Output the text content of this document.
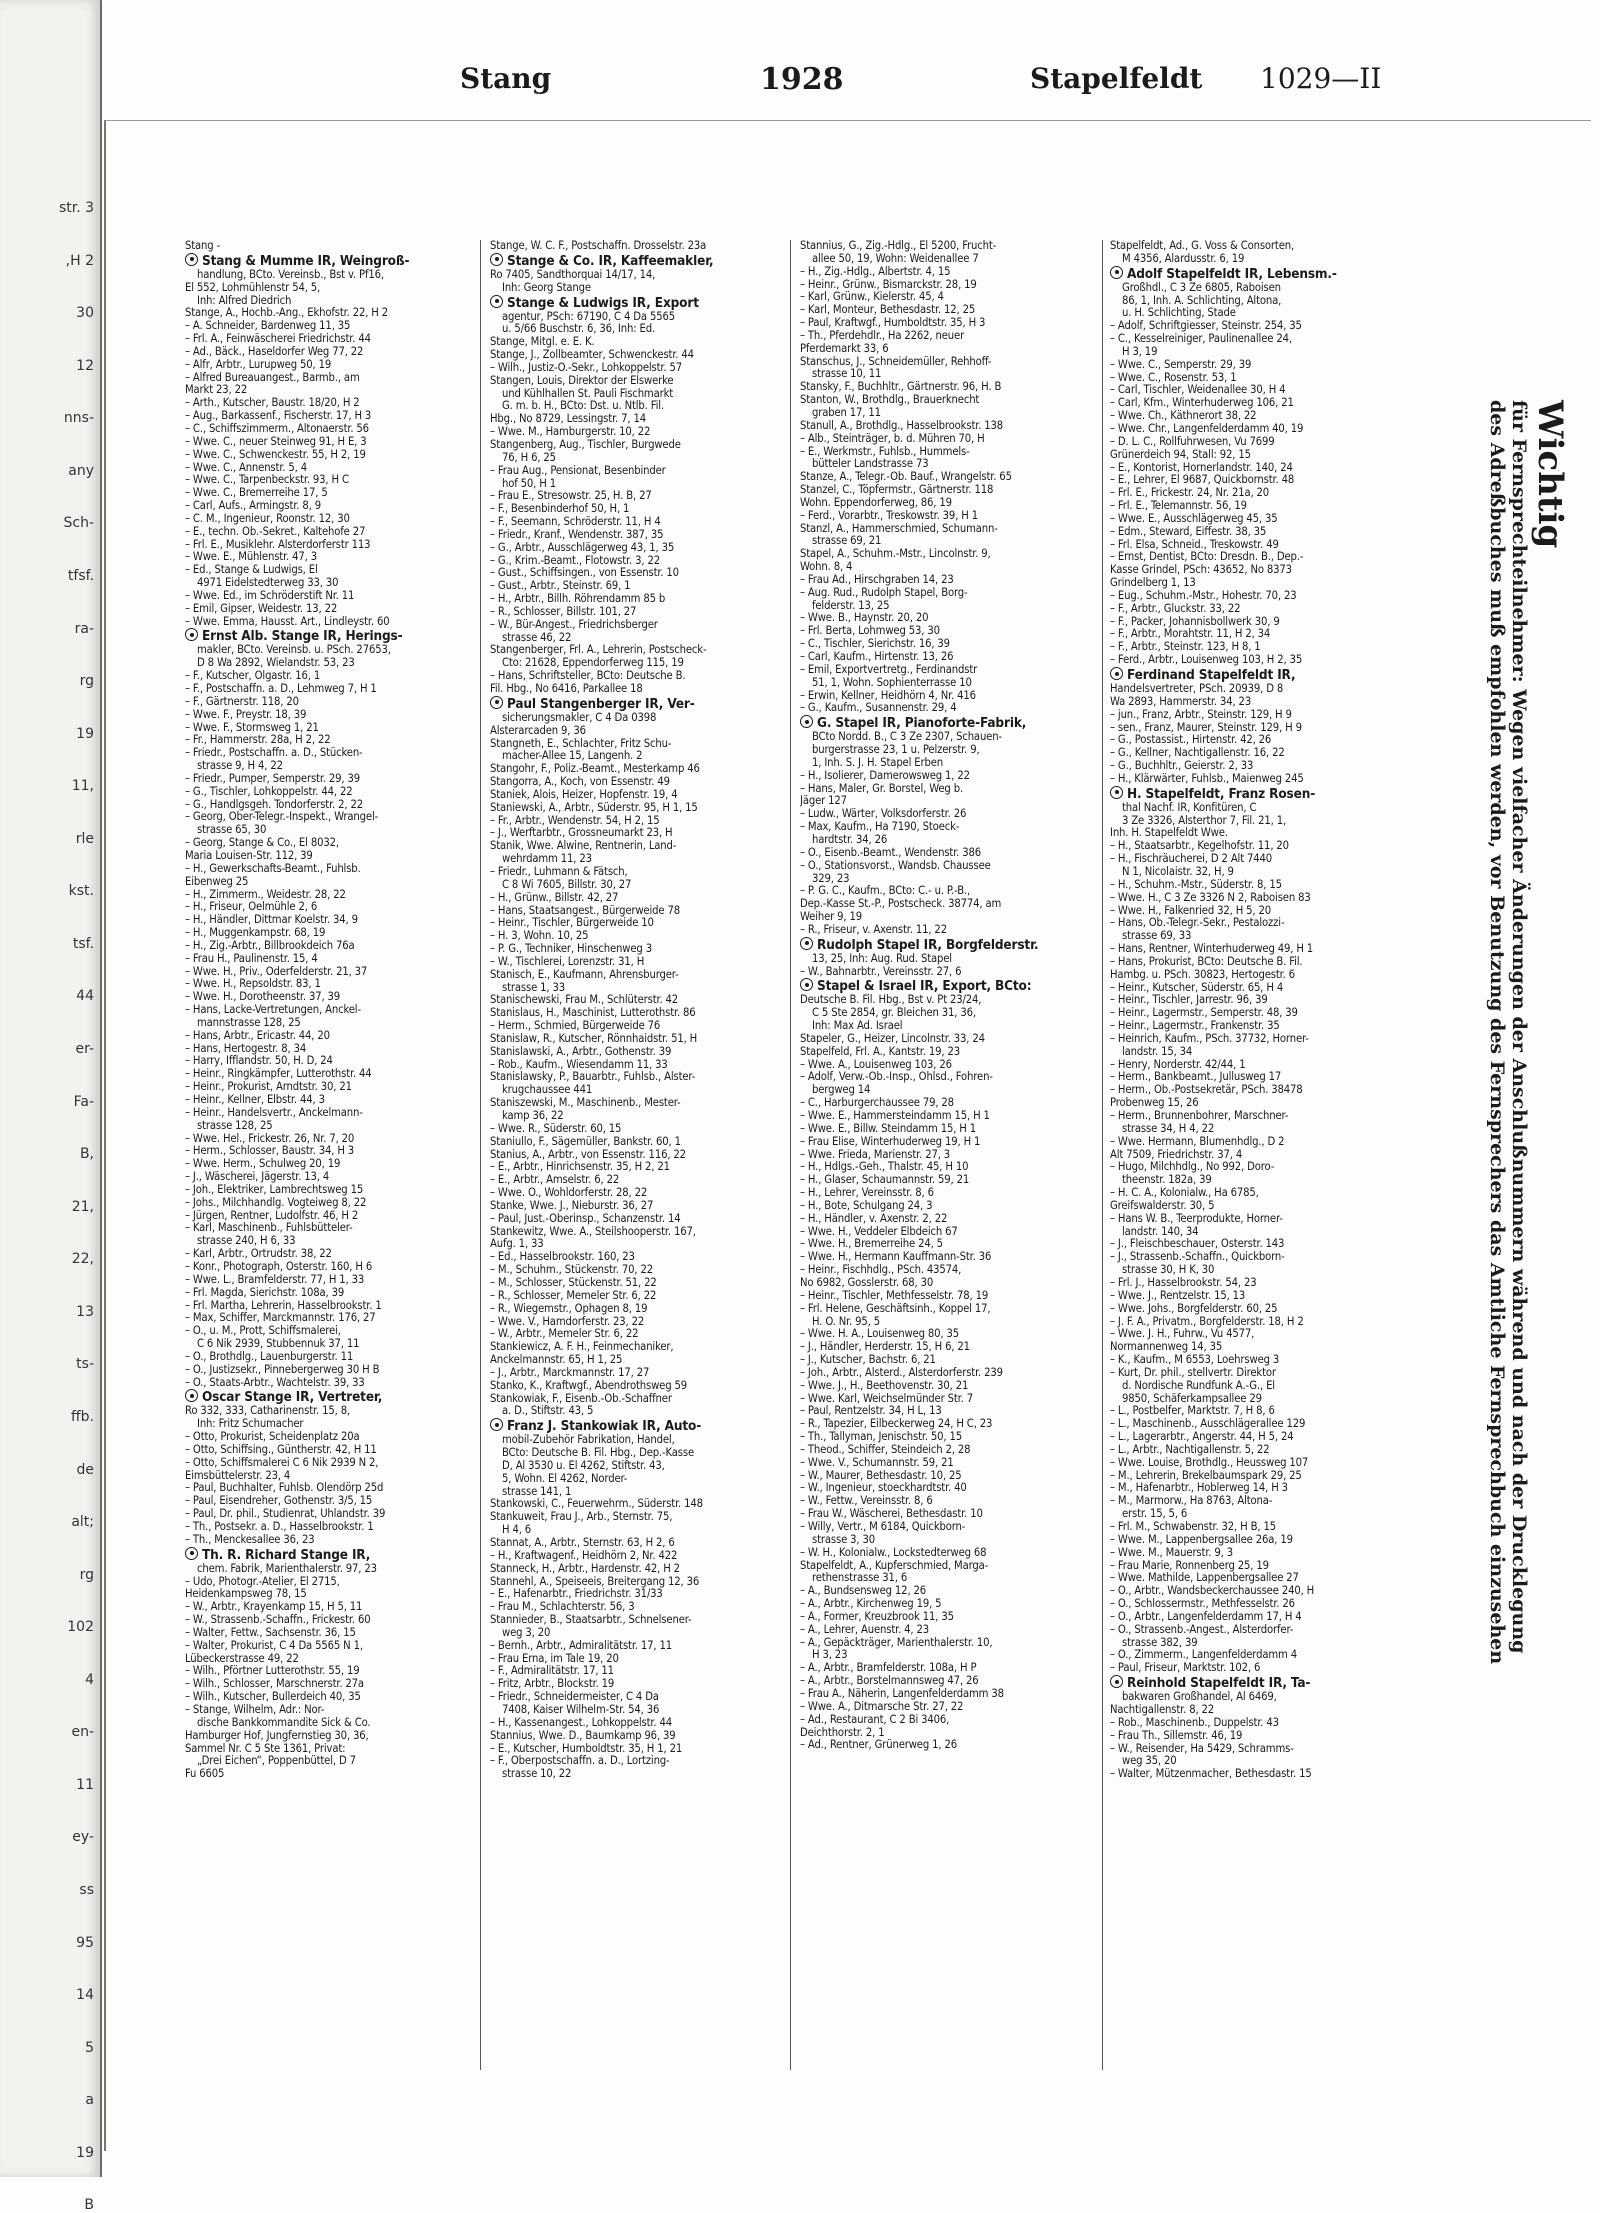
str. 3
,H 2
30
12
nns-
any
Sch-
tfsf.
ra-
rg
19
11,
rle
kst.
tsf.
44
er-
Fa-
B,
21,
22,
13
ts-
ffb.
de
alt;
rg
102
4
en-
11
ey-
ss
95
14
5
a
19
B
Stang	1928	Stapelfeldt 1029—II

Stang -

Stang & Mumme IR, Weingroß-

handlung, BCto. Vereinsb., Bst v. Pf16,

El 552, Lohmühlenstr 54, 5,

Inh: Alfred Diedrich

Stange, A., Hochb.-Ang., Ekhofstr. 22, H 2

– A. Schneider, Bardenweg 11, 35

– Frl. A., Feinwäscherei Friedrichstr. 44

– Ad., Bäck., Haseldorfer Weg 77, 22

– Alfr, Arbtr., Lurupweg 50, 19

– Alfred Bureauangest., Barmb., am

Markt 23, 22

– Arth., Kutscher, Baustr. 18/20, H 2

– Aug., Barkassenf., Fischerstr. 17, H 3

– C., Schiffszimmerm., Altonaerstr. 56

– Wwe. C., neuer Steinweg 91, H E, 3

– Wwe. C., Schwenckestr. 55, H 2, 19

– Wwe. C., Annenstr. 5, 4

– Wwe. C., Tarpenbeckstr. 93, H C

– Wwe. C., Bremerreihe 17, 5

– Carl, Aufs., Armingstr. 8, 9

– C. M., Ingenieur, Roonstr. 12, 30

– E., techn. Ob.-Sekret., Kaltehofe 27

– Frl. E., Musiklehr. Alsterdorferstr 113

– Wwe. E., Mühlenstr. 47, 3

– Ed., Stange & Ludwigs, El

4971 Eidelstedterweg 33, 30

– Wwe. Ed., im Schröderstift Nr. 11

– Emil, Gipser, Weidestr. 13, 22

– Wwe. Emma, Hausst. Art., Lindleystr. 60

Ernst Alb. Stange IR, Herings-

makler, BCto. Vereinsb. u. PSch. 27653,

D 8 Wa 2892, Wielandstr. 53, 23

– F., Kutscher, Olgastr. 16, 1

– F., Postschaffn. a. D., Lehmweg 7, H 1

– F., Gärtnerstr. 118, 20

– Wwe. F., Preystr. 18, 39

– Wwe. F., Stormsweg 1, 21

– Fr., Hammerstr. 28a, H 2, 22

– Friedr., Postschaffn. a. D., Stücken-

strasse 9, H 4, 22

– Friedr., Pumper, Semperstr. 29, 39

– G., Tischler, Lohkoppelstr. 44, 22

– G., Handlgsgeh. Tondorferstr. 2, 22

– Georg, Ober-Telegr.-Inspekt., Wrangel-

strasse 65, 30

– Georg, Stange & Co., El 8032,

Maria Louisen-Str. 112, 39

– H., Gewerkschafts-Beamt., Fuhlsb.

Eibenweg 25

– H., Zimmerm., Weidestr. 28, 22

– H., Friseur, Oelmühle 2, 6

– H., Händler, Dittmar Koelstr. 34, 9

– H., Muggenkampstr. 68, 19

– H., Zig.-Arbtr., Billbrookdeich 76a

– Frau H., Paulinenstr. 15, 4

– Wwe. H., Priv., Oderfelderstr. 21, 37

– Wwe. H., Repsoldstr. 83, 1

– Wwe. H., Dorotheenstr. 37, 39

– Hans, Lacke-Vertretungen, Anckel-

mannstrasse 128, 25

– Hans, Arbtr., Ericastr. 44, 20

– Hans, Hertogestr. 8, 34

– Harry, Ifflandstr. 50, H. D, 24

– Heinr., Ringkämpfer, Lutterothstr. 44

– Heinr., Prokurist, Arndtstr. 30, 21

– Heinr., Kellner, Elbstr. 44, 3

– Heinr., Handelsvertr., Anckelmann-

strasse 128, 25

– Wwe. Hel., Frickestr. 26, Nr. 7, 20

– Herm., Schlosser, Baustr. 34, H 3

– Wwe. Herm., Schulweg 20, 19

– J., Wäscherei, Jägerstr. 13, 4

– Joh., Elektriker, Lambrechtsweg 15

– Johs., Milchhandlg. Vogteiweg 8, 22

– Jürgen, Rentner, Ludolfstr. 46, H 2

– Karl, Maschinenb., Fuhlsbütteler-

strasse 240, H 6, 33

– Karl, Arbtr., Ortrudstr. 38, 22

– Konr., Photograph, Osterstr. 160, H 6

– Wwe. L., Bramfelderstr. 77, H 1, 33

– Frl. Magda, Sierichstr. 108a, 39

– Frl. Martha, Lehrerin, Hasselbrookstr. 1

– Max, Schiffer, Marckmannstr. 176, 27

– O., u. M., Prott, Schiffsmalerei,

C 6 Nik 2939, Stubbennuk 37, 11

– O., Brothdlg., Lauenburgerstr. 11

– O., Justizsekr., Pinnebergerweg 30 H B

– O., Staats-Arbtr., Wachtelstr. 39, 33

Oscar Stange IR, Vertreter,

Ro 332, 333, Catharinenstr. 15, 8,

Inh: Fritz Schumacher

– Otto, Prokurist, Scheidenplatz 20a

– Otto, Schiffsing., Güntherstr. 42, H 11

– Otto, Schiffsmalerei C 6 Nik 2939 N 2,

Eimsbüttelerstr. 23, 4

– Paul, Buchhalter, Fuhlsb. Olendörp 25d

– Paul, Eisendreher, Gothenstr. 3/5, 15

– Paul, Dr. phil., Studienrat, Uhlandstr. 39

– Th., Postsekr. a. D., Hasselbrookstr. 1

– Th., Menckesallee 36, 23

Th. R. Richard Stange IR,

chem. Fabrik, Marienthalerstr. 97, 23

– Udo, Photogr.-Atelier, El 2715,

Heidenkampsweg 78, 15

– W., Arbtr., Krayenkamp 15, H 5, 11

– W., Strassenb.-Schaffn., Frickestr. 60

– Walter, Fettw., Sachsenstr. 36, 15

– Walter, Prokurist, C 4 Da 5565 N 1,

Lübeckerstrasse 49, 22

– Wilh., Pförtner Lutterothstr. 55, 19

– Wilh., Schlosser, Marschnerstr. 27a

– Wilh., Kutscher, Bullerdeich 40, 35

– Stange, Wilhelm, Adr.: Nor-

dische Bankkommandite Sick & Co.

Hamburger Hof, Jungfernstieg 30, 36,

Sammel Nr. C 5 Ste 1361, Privat:

„Drei Eichen“, Poppenbüttel, D 7

Fu 6605

Stange, W. C. F., Postschaffn. Drosselstr. 23a

Stange & Co. IR, Kaffeemakler,

Ro 7405, Sandthorquai 14/17, 14,

Inh: Georg Stange

Stange & Ludwigs IR, Export

agentur, PSch: 67190, C 4 Da 5565

u. 5/66 Buschstr. 6, 36, Inh: Ed.

Stange, Mitgl. e. E. K.

Stange, J., Zollbeamter, Schwenckestr. 44

– Wilh., Justiz-O.-Sekr., Lohkoppelstr. 57

Stangen, Louis, Direktor der Elswerke

und Kühlhallen St. Pauli Fischmarkt

G. m. b. H., BCto: Dst. u. Ntlb. Fil.

Hbg., No 8729, Lessingstr. 7, 14

– Wwe. M., Hamburgerstr. 10, 22

Stangenberg, Aug., Tischler, Burgwede

76, H 6, 25

– Frau Aug., Pensionat, Besenbinder

hof 50, H 1

– Frau E., Stresowstr. 25, H. B, 27

– F., Besenbinderhof 50, H, 1

– F., Seemann, Schröderstr. 11, H 4

– Friedr., Kranf., Wendenstr. 387, 35

– G., Arbtr., Ausschlägerweg 43, 1, 35

– G., Krim.-Beamt., Flotowstr. 3, 22

– Gust., Schiffsingen., von Essenstr. 10

– Gust., Arbtr., Steinstr. 69, 1

– H., Arbtr., Billh. Röhrendamm 85 b

– R., Schlosser, Billstr. 101, 27

– W., Bür-Angest., Friedrichsberger

strasse 46, 22

Stangenberger, Frl. A., Lehrerin, Postscheck-

Cto: 21628, Eppendorferweg 115, 19

– Hans, Schriftsteller, BCto: Deutsche B.

Fil. Hbg., No 6416, Parkallee 18

Paul Stangenberger IR, Ver-

sicherungsmakler, C 4 Da 0398

Alsterarcaden 9, 36

Stangneth, E., Schlachter, Fritz Schu-

macher-Allee 15, Langenh. 2

Stangohr, F., Poliz.-Beamt., Mesterkamp 46

Stangorra, A., Koch, von Essenstr. 49

Staniek, Alois, Heizer, Hopfenstr. 19, 4

Staniewski, A., Arbtr., Süderstr. 95, H 1, 15

– Fr., Arbtr., Wendenstr. 54, H 2, 15

– J., Werftarbtr., Grossneumarkt 23, H

Stanik, Wwe. Alwine, Rentnerin, Land-

wehrdamm 11, 23

– Friedr., Luhmann & Fätsch,

C 8 Wi 7605, Billstr. 30, 27

– H., Grünw., Billstr. 42, 27

– Hans, Staatsangest., Bürgerweide 78

– Heinr., Tischler, Bürgerweide 10

– H. 3, Wohn. 10, 25

– P. G., Techniker, Hinschenweg 3

– W., Tischlerei, Lorenzstr. 31, H

Stanisch, E., Kaufmann, Ahrensburger-

strasse 1, 33

Stanischewski, Frau M., Schlüterstr. 42

Stanislaus, H., Maschinist, Lutterothstr. 86

– Herm., Schmied, Bürgerweide 76

Stanislaw, R., Kutscher, Rönnhaidstr. 51, H

Stanislawski, A., Arbtr., Gothenstr. 39

– Rob., Kaufm., Wiesendamm 11, 33

Stanislawsky, P., Bauarbtr., Fuhlsb., Alster-

krugchaussee 441

Staniszewski, M., Maschinenb., Mester-

kamp 36, 22

– Wwe. R., Süderstr. 60, 15

Staniullo, F., Sägemüller, Bankstr. 60, 1

Stanius, A., Arbtr., von Essenstr. 116, 22

– E., Arbtr., Hinrichsenstr. 35, H 2, 21

– E., Arbtr., Amselstr. 6, 22

– Wwe. O., Wohldorferstr. 28, 22

Stanke, Wwe. J., Nieburstr. 36, 27

– Paul, Just.-Oberinsp., Schanzenstr. 14

Stankewitz, Wwe. A., Steilshooperstr. 167,

Aufg. 1, 33

– Ed., Hasselbrookstr. 160, 23

– M., Schuhm., Stückenstr. 70, 22

– M., Schlosser, Stückenstr. 51, 22

– R., Schlosser, Memeler Str. 6, 22

– R., Wiegemstr., Ophagen 8, 19

– Wwe. V., Hamdorferstr. 23, 22

– W., Arbtr., Memeler Str. 6, 22

Stankiewicz, A. F. H., Feinmechaniker,

Anckelmannstr. 65, H 1, 25

– J., Arbtr., Marckmannstr. 17, 27

Stanko, K., Kraftwgf., Abendrothsweg 59

Stankowiak, F., Eisenb.-Ob.-Schaffner

a. D., Stiftstr. 43, 5

Franz J. Stankowiak IR, Auto-

mobil-Zubehör Fabrikation, Handel,

BCto: Deutsche B. Fil. Hbg., Dep.-Kasse

D, Al 3530 u. El 4262, Stiftstr. 43,

5, Wohn. El 4262, Norder-

strasse 141, 1

Stankowski, C., Feuerwehrm., Süderstr. 148

Stankuweit, Frau J., Arb., Sternstr. 75,

H 4, 6

Stannat, A., Arbtr., Sternstr. 63, H 2, 6

– H., Kraftwagenf., Heidhörn 2, Nr. 422

Stanneck, H., Arbtr., Hardenstr. 42, H 2

Stannehl, A., Speiseeis, Breitergang 12, 36

– E., Hafenarbtr., Friedrichstr. 31/33

– Frau M., Schlachterstr. 56, 3

Stannieder, B., Staatsarbtr., Schnelsener-

weg 3, 20

– Bernh., Arbtr., Admiralitätstr. 17, 11

– Frau Erna, im Tale 19, 20

– F., Admiralitätstr. 17, 11

– Fritz, Arbtr., Blockstr. 19

– Friedr., Schneidermeister, C 4 Da

7408, Kaiser Wilhelm-Str. 54, 36

– H., Kassenangest., Lohkoppelstr. 44

Stannius, Wwe. D., Baumkamp 96, 39

– E., Kutscher, Humboldtstr. 35, H 1, 21

– F., Oberpostschaffn. a. D., Lortzing-

strasse 10, 22

Stannius, G., Zig.-Hdlg., El 5200, Frucht-

allee 50, 19, Wohn: Weidenallee 7

– H., Zig.-Hdlg., Albertstr. 4, 15

– Heinr., Grünw., Bismarckstr. 28, 19

– Karl, Grünw., Kielerstr. 45, 4

– Karl, Monteur, Bethesdastr. 12, 25

– Paul, Kraftwgf., Humboldtstr. 35, H 3

– Th., Pferdehdlr., Ha 2262, neuer

Pferdemarkt 33, 6

Stanschus, J., Schneidemüller, Rehhoff-

strasse 10, 11

Stansky, F., Buchhltr., Gärtnerstr. 96, H. B

Stanton, W., Brothdlg., Brauerknecht

graben 17, 11

Stanull, A., Brothdlg., Hasselbrookstr. 138

– Alb., Steinträger, b. d. Mühren 70, H

– E., Werkmstr., Fuhlsb., Hummels-

bütteler Landstrasse 73

Stanze, A., Telegr.-Ob. Bauf., Wrangelstr. 65

Stanzel, C., Töpfermstr., Gärtnerstr. 118

Wohn. Eppendorferweg, 86, 19

– Ferd., Vorarbtr., Treskowstr. 39, H 1

Stanzl, A., Hammerschmied, Schumann-

strasse 69, 21

Stapel, A., Schuhm.-Mstr., Lincolnstr. 9,

Wohn. 8, 4

– Frau Ad., Hirschgraben 14, 23

– Aug. Rud., Rudolph Stapel, Borg-

felderstr. 13, 25

– Wwe. B., Haynstr. 20, 20

– Frl. Berta, Lohmweg 53, 30

– C., Tischler, Sierichstr. 16, 39

– Carl, Kaufm., Hirtenstr. 13, 26

– Emil, Exportvertretg., Ferdinandstr

51, 1, Wohn. Sophienterrasse 10

– Erwin, Kellner, Heidhörn 4, Nr. 416

– G., Kaufm., Susannenstr. 29, 4

G. Stapel IR, Pianoforte-Fabrik,

BCto Nordd. B., C 3 Ze 2307, Schauen-

burgerstrasse 23, 1 u. Pelzerstr. 9,

1, Inh. S. J. H. Stapel Erben

– H., Isolierer, Damerowsweg 1, 22

– Hans, Maler, Gr. Borstel, Weg b.

Jäger 127

– Ludw., Wärter, Volksdorferstr. 26

– Max, Kaufm., Ha 7190, Stoeck-

hardtstr. 34, 26

– O., Eisenb.-Beamt., Wendenstr. 386

– O., Stationsvorst., Wandsb. Chaussee

329, 23

– P. G. C., Kaufm., BCto: C.- u. P.-B.,

Dep.-Kasse St.-P., Postscheck. 38774, am

Weiher 9, 19

– R., Friseur, v. Axenstr. 11, 22

Rudolph Stapel IR, Borgfelderstr.

13, 25, Inh: Aug. Rud. Stapel

– W., Bahnarbtr., Vereinsstr. 27, 6

Stapel & Israel IR, Export, BCto:

Deutsche B. Fil. Hbg., Bst v. Pt 23/24,

C 5 Ste 2854, gr. Bleichen 31, 36,

Inh: Max Ad. Israel

Stapeler, G., Heizer, Lincolnstr. 33, 24

Stapelfeld, Frl. A., Kantstr. 19, 23

– Wwe. A., Louisenweg 103, 26

– Adolf, Verw.-Ob.-Insp., Ohlsd., Fohren-

bergweg 14

– C., Harburgerchaussee 79, 28

– Wwe. E., Hammersteindamm 15, H 1

– Wwe. E., Billw. Steindamm 15, H 1

– Frau Elise, Winterhuderweg 19, H 1

– Wwe. Frieda, Marienstr. 27, 3

– H., Hdlgs.-Geh., Thalstr. 45, H 10

– H., Glaser, Schaumannstr. 59, 21

– H., Lehrer, Vereinsstr. 8, 6

– H., Bote, Schulgang 24, 3

– H., Händler, v. Axenstr. 2, 22

– Wwe. H., Veddeler Elbdeich 67

– Wwe. H., Bremerreihe 24, 5

– Wwe. H., Hermann Kauffmann-Str. 36

– Heinr., Fischhdlg., PSch. 43574,

No 6982, Gosslerstr. 68, 30

– Heinr., Tischler, Methfesselstr. 78, 19

– Frl. Helene, Geschäftsinh., Koppel 17,

H. O. Nr. 95, 5

– Wwe. H. A., Louisenweg 80, 35

– J., Händler, Herderstr. 15, H 6, 21

– J., Kutscher, Bachstr. 6, 21

– Joh., Arbtr., Alsterd., Alsterdorferstr. 239

– Wwe. J., H., Beethovenstr. 30, 21

– Wwe. Karl, Weichselmünder Str. 7

– Paul, Rentzelstr. 34, H L, 13

– R., Tapezier, Eilbeckerweg 24, H C, 23

– Th., Tallyman, Jenischstr. 50, 15

– Theod., Schiffer, Steindeich 2, 28

– Wwe. V., Schumannstr. 59, 21

– W., Maurer, Bethesdastr. 10, 25

– W., Ingenieur, stoeckhardtstr. 40

– W., Fettw., Vereinsstr. 8, 6

– Frau W., Wäscherei, Bethesdastr. 10

– Willy, Vertr., M 6184, Quickborn-

strasse 3, 30

– W. H., Kolonialw., Lockstedterweg 68

Stapelfeldt, A., Kupferschmied, Marga-

rethenstrasse 31, 6

– A., Bundsensweg 12, 26

– A., Arbtr., Kirchenweg 19, 5

– A., Former, Kreuzbrook 11, 35

– A., Lehrer, Auenstr. 4, 23

– A., Gepäckträger, Marienthalerstr. 10,

H 3, 23

– A., Arbtr., Bramfelderstr. 108a, H P

– A., Arbtr., Borstelmannsweg 47, 26

– Frau A., Näherin, Langenfelderdamm 38

– Wwe. A., Ditmarsche Str. 27, 22

– Ad., Restaurant, C 2 Bi 3406,

Deichthorstr. 2, 1

– Ad., Rentner, Grünerweg 1, 26

Stapelfeldt, Ad., G. Voss & Consorten,

M 4356, Alardusstr. 6, 19

Adolf Stapelfeldt IR, Lebensm.-

Großhdl., C 3 Ze 6805, Raboisen

86, 1, Inh. A. Schlichting, Altona,

u. H. Schlichting, Stade

– Adolf, Schriftgiesser, Steinstr. 254, 35

– C., Kesselreiniger, Paulinenallee 24,

H 3, 19

– Wwe. C., Semperstr. 29, 39

– Wwe. C., Rosenstr. 53, 1

– Carl, Tischler, Weidenallee 30, H 4

– Carl, Kfm., Winterhuderweg 106, 21

– Wwe. Ch., Käthnerort 38, 22

– Wwe. Chr., Langenfelderdamm 40, 19

– D. L. C., Rollfuhrwesen, Vu 7699

Grünerdeich 94, Stall: 92, 15

– E., Kontorist, Hornerlandstr. 140, 24

– E., Lehrer, El 9687, Quickbornstr. 48

– Frl. E., Frickestr. 24, Nr. 21a, 20

– Frl. E., Telemannstr. 56, 19

– Wwe. E., Ausschlägerweg 45, 35

– Edm., Steward, Eiffestr. 38, 35

– Frl. Elsa, Schneid., Treskowstr. 49

– Ernst, Dentist, BCto: Dresdn. B., Dep.-

Kasse Grindel, PSch: 43652, No 8373

Grindelberg 1, 13

– Eug., Schuhm.-Mstr., Hohestr. 70, 23

– F., Arbtr., Gluckstr. 33, 22

– F., Packer, Johannisbollwerk 30, 9

– F., Arbtr., Morahtstr. 11, H 2, 34

– F., Arbtr., Steinstr. 123, H 8, 1

– Ferd., Arbtr., Louisenweg 103, H 2, 35

Ferdinand Stapelfeldt IR,

Handelsvertreter, PSch. 20939, D 8

Wa 2893, Hammerstr. 34, 23

– jun., Franz, Arbtr., Steinstr. 129, H 9

– sen., Franz, Maurer, Steinstr. 129, H 9

– G., Postassist., Hirtenstr. 42, 26

– G., Kellner, Nachtigallenstr. 16, 22

– G., Buchhltr., Geierstr. 2, 33

– H., Klärwärter, Fuhlsb., Maienweg 245

H. Stapelfeldt, Franz Rosen-

thal Nachf. IR, Konfitüren, C

3 Ze 3326, Alsterthor 7, Fil. 21, 1,

Inh. H. Stapelfeldt Wwe.

– H., Staatsarbtr., Kegelhofstr. 11, 20

– H., Fischräucherei, D 2 Alt 7440

N 1, Nicolaistr. 32, H, 9

– H., Schuhm.-Mstr., Süderstr. 8, 15

– Wwe. H., C 3 Ze 3326 N 2, Raboisen 83

– Wwe. H., Falkenried 32, H 5, 20

– Hans, Ob.-Telegr.-Sekr., Pestalozzi-

strasse 69, 33

– Hans, Rentner, Winterhuderweg 49, H 1

– Hans, Prokurist, BCto: Deutsche B. Fil.

Hambg. u. PSch. 30823, Hertogestr. 6

– Heinr., Kutscher, Süderstr. 65, H 4

– Heinr., Tischler, Jarrestr. 96, 39

– Heinr., Lagermstr., Semperstr. 48, 39

– Heinr., Lagermstr., Frankenstr. 35

– Heinrich, Kaufm., PSch. 37732, Horner-

landstr. 15, 34

– Henry, Norderstr. 42/44, 1

– Herm., Bankbeamt., Jullusweg 17

– Herm., Ob.-Postsekretär, PSch. 38478

Probenweg 15, 26

– Herm., Brunnenbohrer, Marschner-

strasse 34, H 4, 22

– Wwe. Hermann, Blumenhdlg., D 2

Alt 7509, Friedrichstr. 37, 4

– Hugo, Milchhdlg., No 992, Doro-

theenstr. 182a, 39

– H. C. A., Kolonialw., Ha 6785,

Greifswalderstr. 30, 5

– Hans W. B., Teerprodukte, Horner-

landstr. 140, 34

– J., Fleischbeschauer, Osterstr. 143

– J., Strassenb.-Schaffn., Quickborn-

strasse 30, H K, 30

– Frl. J., Hasselbrookstr. 54, 23

– Wwe. J., Rentzelstr. 15, 13

– Wwe. Johs., Borgfelderstr. 60, 25

– J. F. A., Privatm., Borgfelderstr. 18, H 2

– Wwe. J. H., Fuhrw., Vu 4577,

Normannenweg 14, 35

– K., Kaufm., M 6553, Loehrsweg 3

– Kurt, Dr. phil., stellvertr. Direktor

d. Nordische Rundfunk A.-G., El

9850, Schäferkampsallee 29

– L., Postbelfer, Marktstr. 7, H 8, 6

– L., Maschinenb., Ausschlägerallee 129

– L., Lagerarbtr., Angerstr. 44, H 5, 24

– L., Arbtr., Nachtigallenstr. 5, 22

– Wwe. Louise, Brothdlg., Heussweg 107

– M., Lehrerin, Brekelbaumspark 29, 25

– M., Hafenarbtr., Hoblerweg 14, H 3

– M., Marmorw., Ha 8763, Altona-

erstr. 15, 5, 6

– Frl. M., Schwabenstr. 32, H B, 15

– Wwe. M., Lappenbergsallee 26a, 19

– Wwe. M., Mauerstr. 9, 3

– Frau Marie, Ronnenberg 25, 19

– Wwe. Mathilde, Lappenbergsallee 27

– O., Arbtr., Wandsbeckerchaussee 240, H

– O., Schlossermstr., Methfesselstr. 26

– O., Arbtr., Langenfelderdamm 17, H 4

– O., Strassenb.-Angest., Alsterdorfer-

strasse 382, 39

– O., Zimmerm., Langenfelderdamm 4

– Paul, Friseur, Marktstr. 102, 6

Reinhold Stapelfeldt IR, Ta-

bakwaren Großhandel, Al 6469,

Nachtigallenstr. 8, 22

– Rob., Maschinenb., Duppelstr. 43

– Frau Th., Sillemstr. 46, 19

– W., Reisender, Ha 5429, Schramms-

weg 35, 20

– Walter, Mützenmacher, Bethesdastr. 15

Wichtig
für Fernsprechteilnehmer: Wegen vielfacher Änderungen der Anschlußnummern während und nach der Drucklegung
des Adreßbuches muß empfohlen werden, vor Benutzung des Fernsprechers das Amtliche Fernsprechbuch einzusehen
